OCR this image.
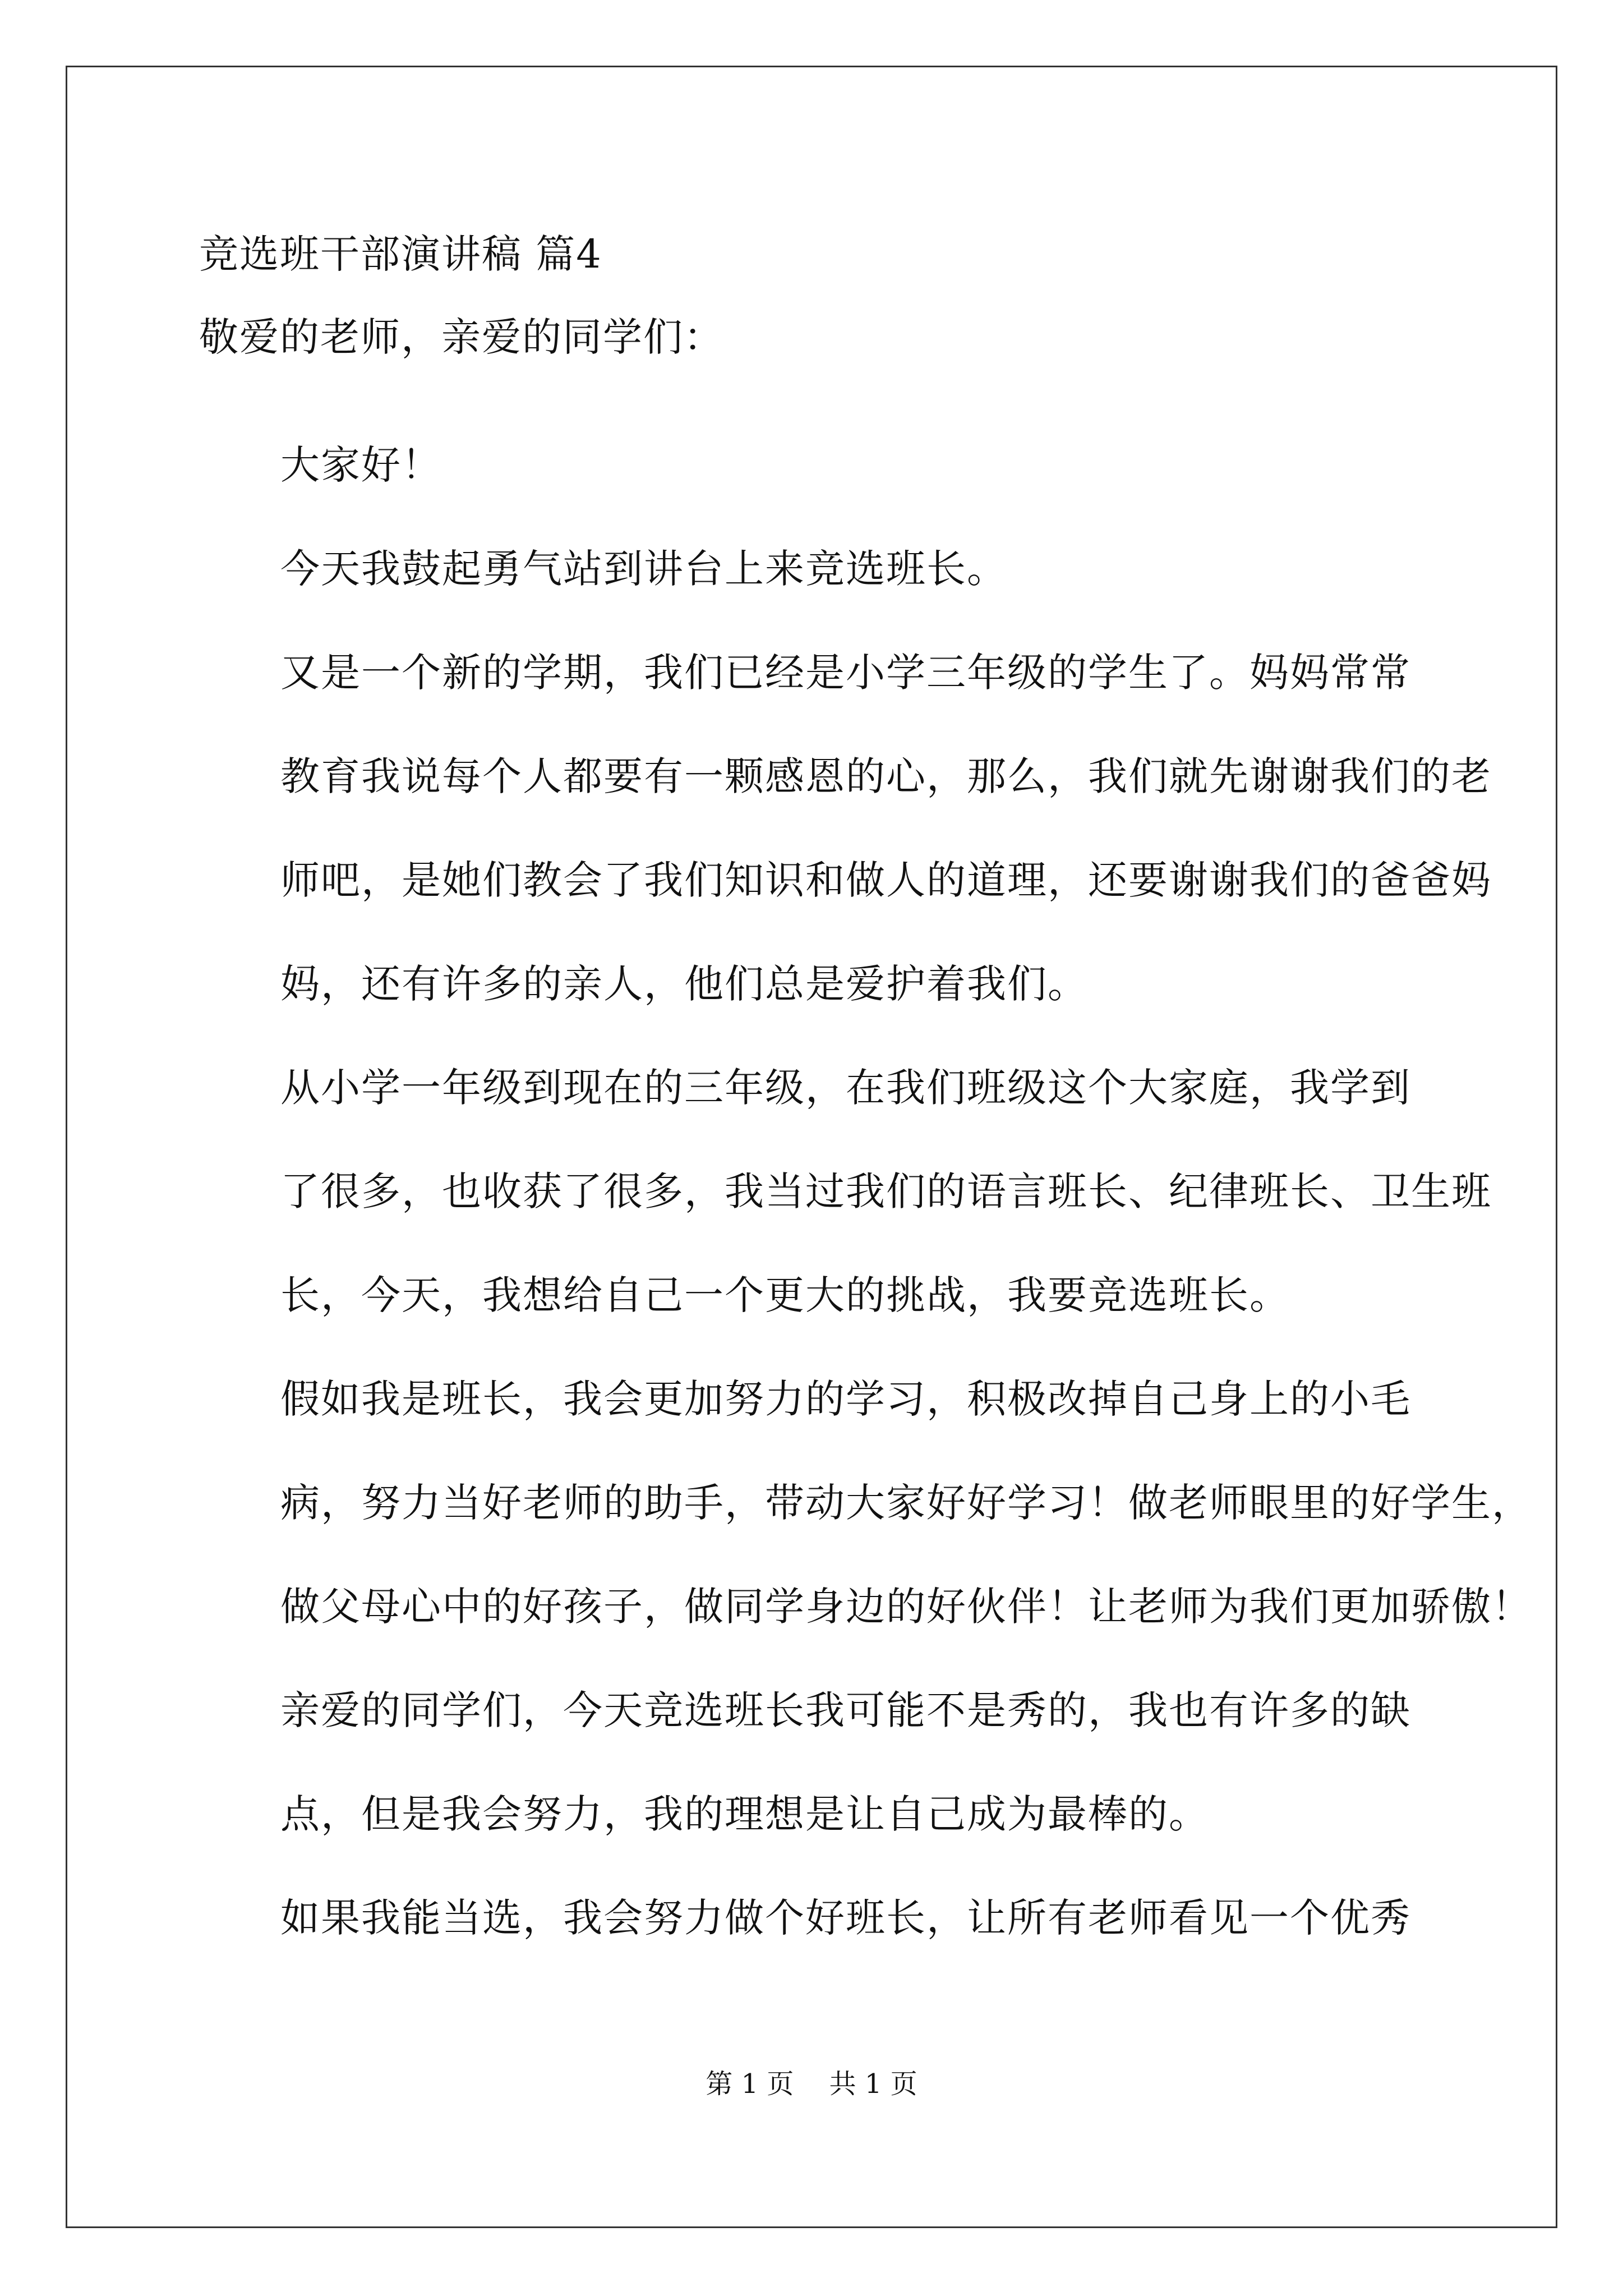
竞选班干部演讲稿 篇4
敬爱的老师，亲爱的同学们：
大家好！
今天我鼓起勇气站到讲台上来竞选班长。
又是一个新的学期，我们已经是小学三年级的学生了。妈妈常常
教育我说每个人都要有一颗感恩的心，那么，我们就先谢谢我们的老
师吧，是她们教会了我们知识和做人的道理，还要谢谢我们的爸爸妈
妈，还有许多的亲人，他们总是爱护着我们。
从小学一年级到现在的三年级，在我们班级这个大家庭，我学到
了很多，也收获了很多，我当过我们的语言班长、纪律班长、卫生班
长，今天，我想给自己一个更大的挑战，我要竞选班长。
假如我是班长，我会更加努力的学习，积极改掉自己身上的小毛
病，努力当好老师的助手，带动大家好好学习！做老师眼里的好学生，
做父母心中的好孩子，做同学身边的好伙伴！让老师为我们更加骄傲！
亲爱的同学们，今天竞选班长我可能不是秀的，我也有许多的缺
点，但是我会努力，我的理想是让自己成为最棒的。
如果我能当选，我会努力做个好班长，让所有老师看见一个优秀
第 1 页　 共 1 页
